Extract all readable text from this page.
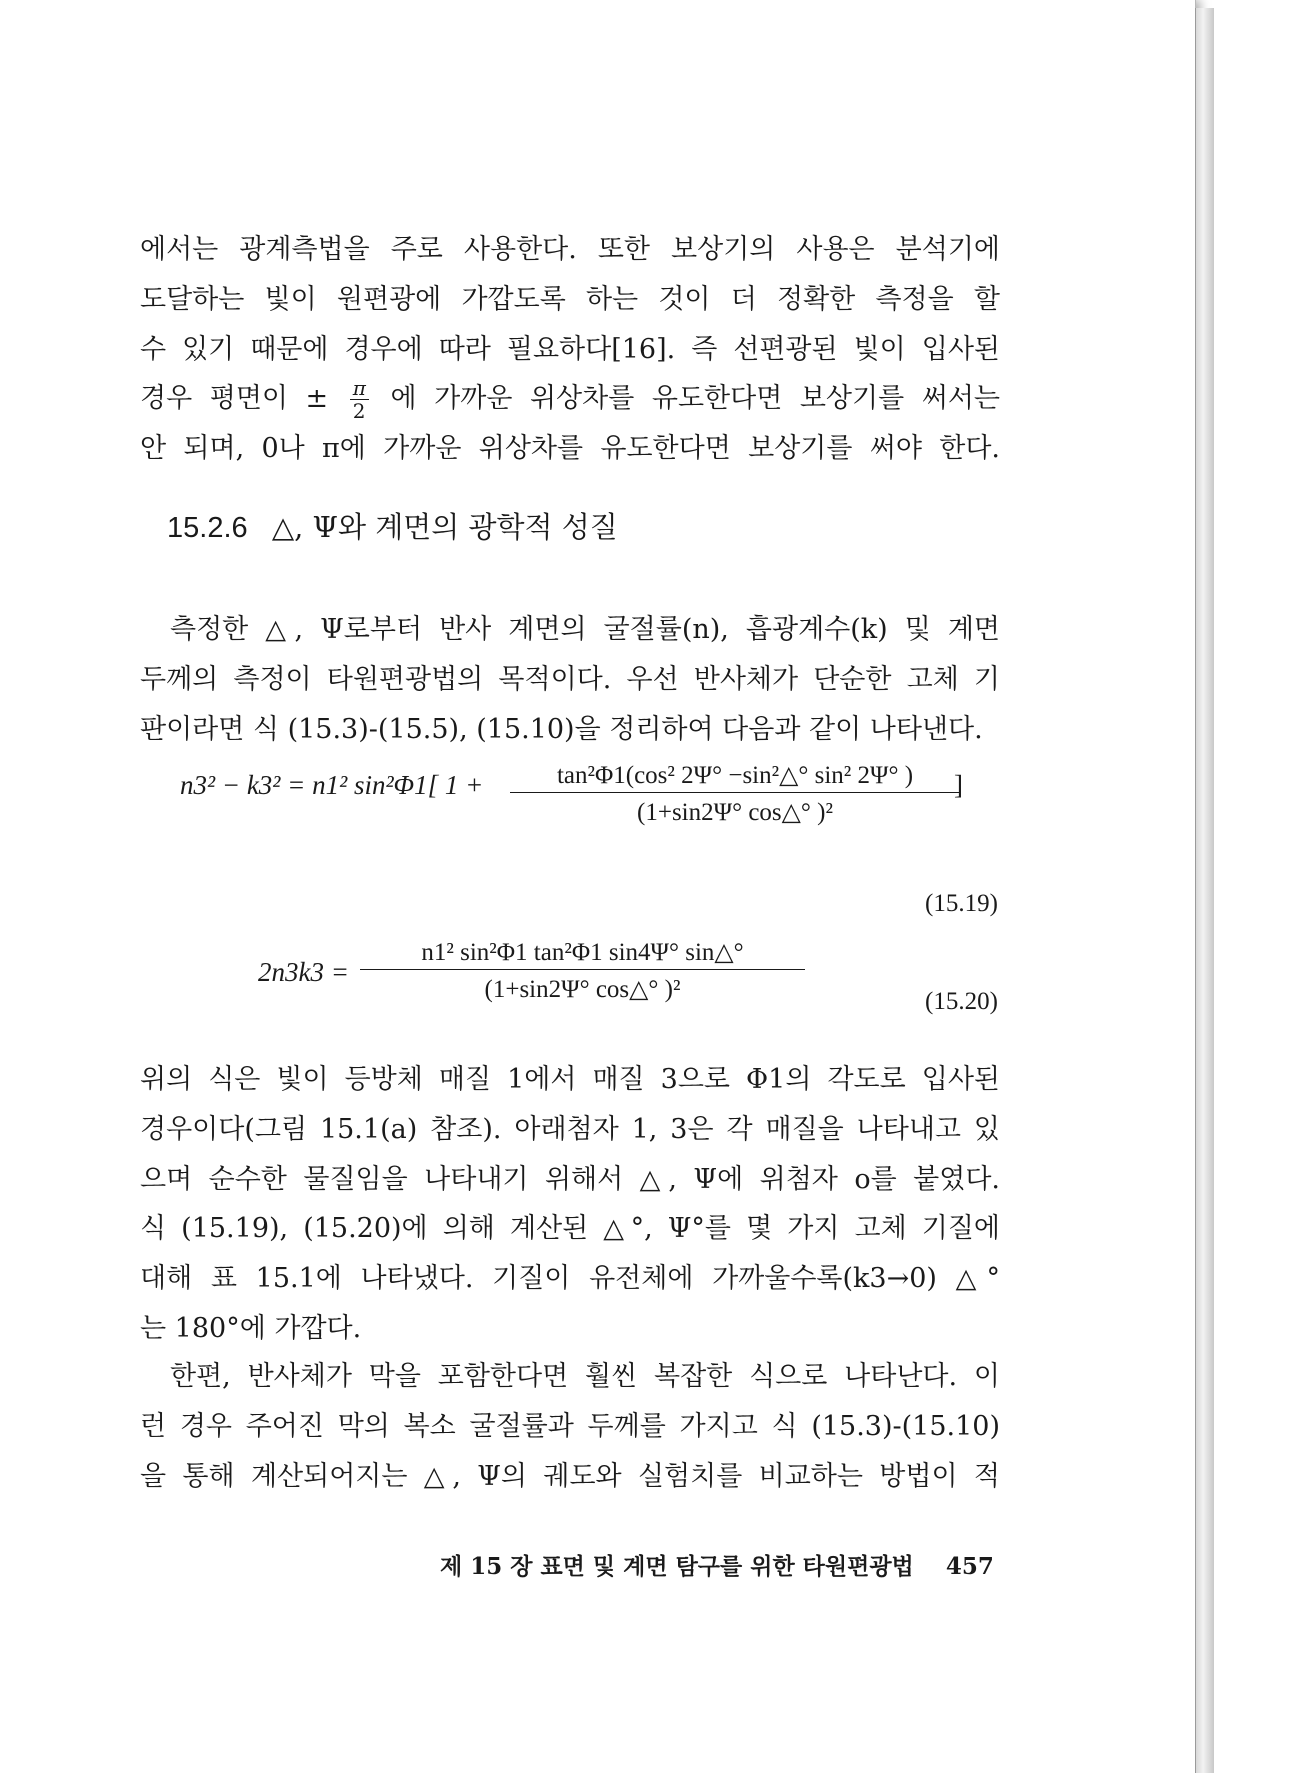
에서는 광계측법을 주로 사용한다. 또한 보상기의 사용은 분석기에
도달하는 빛이 원편광에 가깝도록 하는 것이 더 정확한 측정을 할
수 있기 때문에 경우에 따라 필요하다[16]. 즉 선편광된 빛이 입사된
경우 평면이 ± $\frac{\pi}{2}$ 에 가까운 위상차를 유도한다면 보상기를 써서는
안 되며, 0나 π에 가까운 위상차를 유도한다면 보상기를 써야 한다.
15.2.6 △, Ψ와 계면의 광학적 성질
측정한 △, Ψ로부터 반사 계면의 굴절률(n), 흡광계수(k) 및 계면
두께의 측정이 타원편광법의 목적이다. 우선 반사체가 단순한 고체 기
판이라면 식 (15.3)-(15.5), (15.10)을 정리하여 다음과 같이 나타낸다.
n3² − k3² = n1² sin²Φ1[ $1 + \frac{\text{tan²Φ1(cos² 2Ψ° −sin²△° sin² 2Ψ° )}}{\text{(1+sin2Ψ° cos△° )²}}$
]
(15.19)
$2n3k3 = \frac{\text{n1² sin²Φ1 tan²Φ1 sin4Ψ° sin△°}}{\text{(1+sin2Ψ° cos△° )²}}$	(15.20)
위의 식은 빛이 등방체 매질 1에서 매질 3으로 Φ1의 각도로 입사된
경우이다(그림 15.1(a) 참조). 아래첨자 1, 3은 각 매질을 나타내고 있
으며 순수한 물질임을 나타내기 위해서 △, Ψ에 위첨자 o를 붙였다.
식 (15.19), (15.20)에 의해 계산된 △°, Ψ°를 몇 가지 고체 기질에
대해 표 15.1에 나타냈다. 기질이 유전체에 가까울수록(k3→0) △°
는 180°에 가깝다.
한편, 반사체가 막을 포함한다면 훨씬 복잡한 식으로 나타난다. 이
런 경우 주어진 막의 복소 굴절률과 두께를 가지고 식 (15.3)-(15.10)
을 통해 계산되어지는 △, Ψ의 궤도와 실험치를 비교하는 방법이 적
제 15 장 표면 및 계면 탐구를 위한 타원편광법 457
